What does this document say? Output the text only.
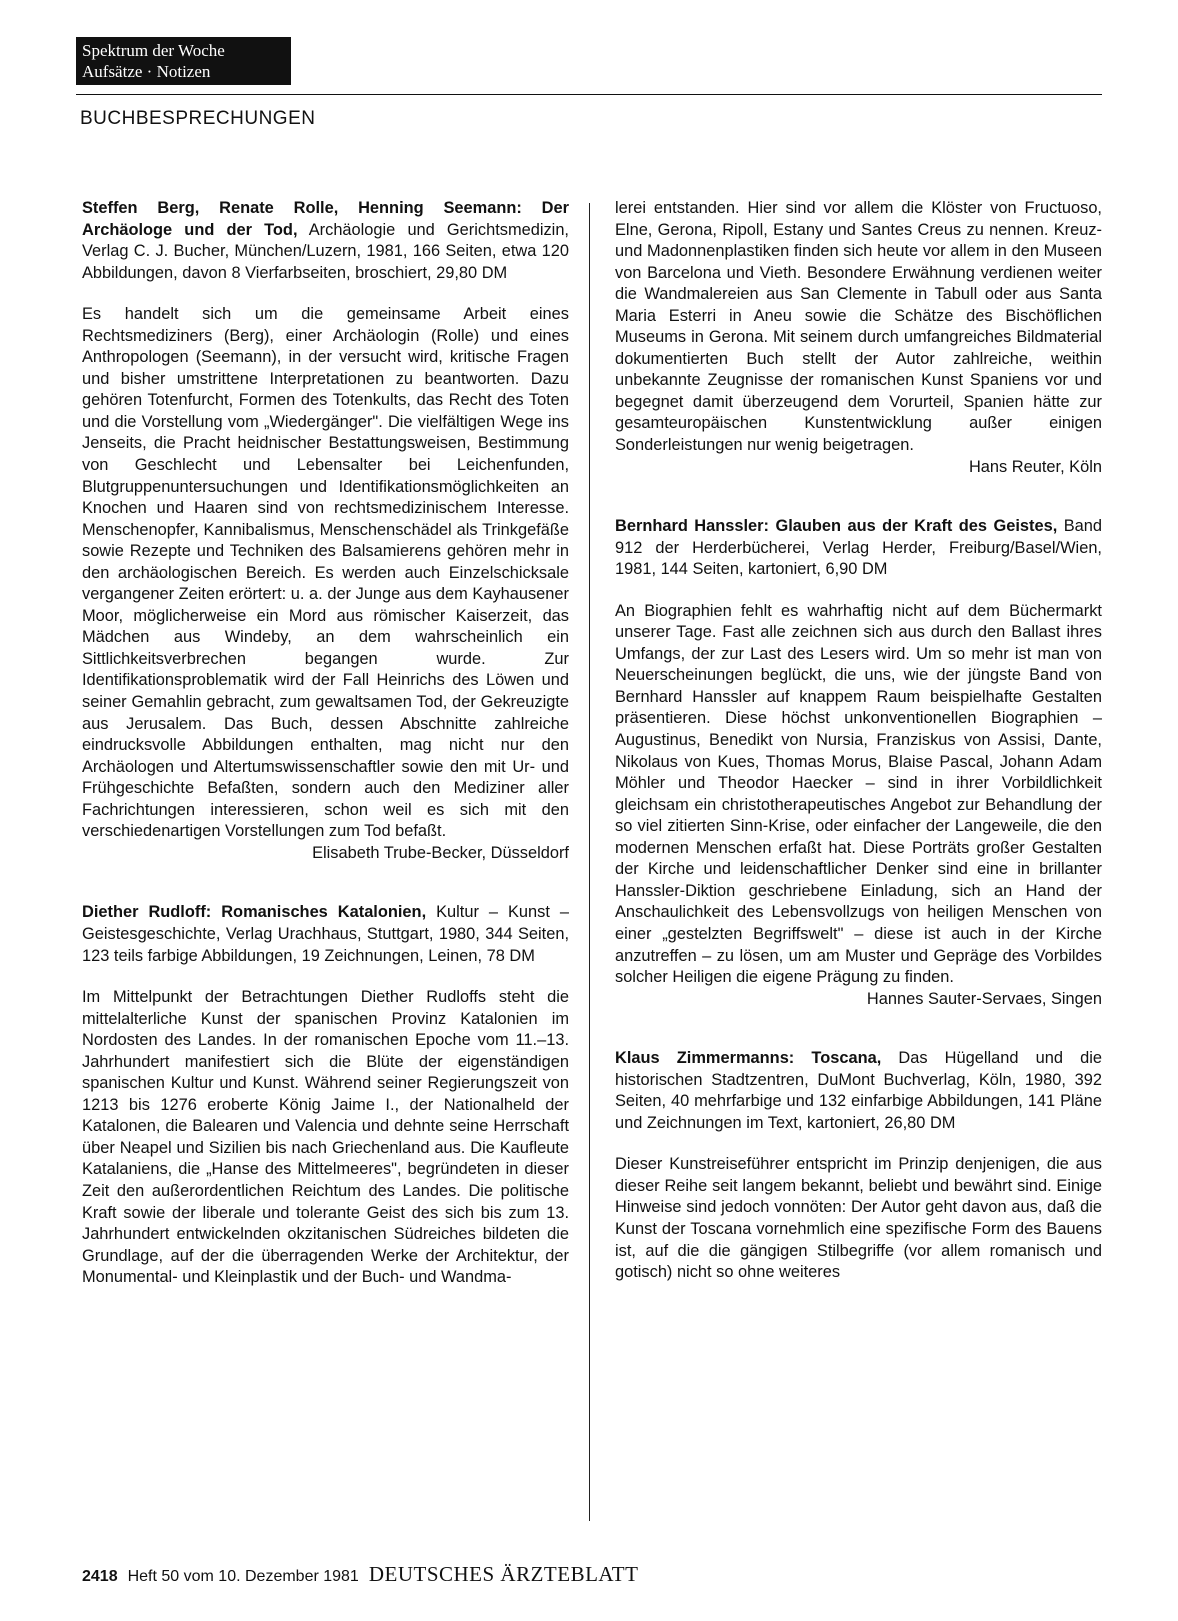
Spektrum der Woche
Aufsätze · Notizen
BUCHBESPRECHUNGEN

Steffen Berg, Renate Rolle, Henning Seemann: Der Archäologe und der Tod, Archäologie und Gerichtsmedizin, Verlag C. J. Bucher, München/Luzern, 1981, 166 Seiten, etwa 120 Abbildungen, davon 8 Vierfarbseiten, broschiert, 29,80 DM

Es handelt sich um die gemeinsame Arbeit eines Rechtsmediziners (Berg), einer Archäologin (Rolle) und eines Anthropologen (Seemann), in der versucht wird, kritische Fragen und bisher umstrittene Interpretationen zu beantworten. Dazu gehören Totenfurcht, Formen des Totenkults, das Recht des Toten und die Vorstellung vom „Wiedergänger". Die vielfältigen Wege ins Jenseits, die Pracht heidnischer Bestattungsweisen, Bestimmung von Geschlecht und Lebensalter bei Leichenfunden, Blutgruppenuntersuchungen und Identifikationsmöglichkeiten an Knochen und Haaren sind von rechtsmedizinischem Interesse. Menschenopfer, Kannibalismus, Menschenschädel als Trinkgefäße sowie Rezepte und Techniken des Balsamierens gehören mehr in den archäologischen Bereich. Es werden auch Einzelschicksale vergangener Zeiten erörtert: u. a. der Junge aus dem Kayhausener Moor, möglicherweise ein Mord aus römischer Kaiserzeit, das Mädchen aus Windeby, an dem wahrscheinlich ein Sittlichkeitsverbrechen begangen wurde. Zur Identifikationsproblematik wird der Fall Heinrichs des Löwen und seiner Gemahlin gebracht, zum gewaltsamen Tod, der Gekreuzigte aus Jerusalem. Das Buch, dessen Abschnitte zahlreiche eindrucksvolle Abbildungen enthalten, mag nicht nur den Archäologen und Altertumswissenschaftler sowie den mit Ur- und Frühgeschichte Befaßten, sondern auch den Mediziner aller Fachrichtungen interessieren, schon weil es sich mit den verschiedenartigen Vorstellungen zum Tod befaßt.

Elisabeth Trube-Becker, Düsseldorf

Diether Rudloff: Romanisches Katalonien, Kultur – Kunst – Geistesgeschichte, Verlag Urachhaus, Stuttgart, 1980, 344 Seiten, 123 teils farbige Abbildungen, 19 Zeichnungen, Leinen, 78 DM

Im Mittelpunkt der Betrachtungen Diether Rudloffs steht die mittelalterliche Kunst der spanischen Provinz Katalonien im Nordosten des Landes. In der romanischen Epoche vom 11.–13. Jahrhundert manifestiert sich die Blüte der eigenständigen spanischen Kultur und Kunst. Während seiner Regierungszeit von 1213 bis 1276 eroberte König Jaime I., der Nationalheld der Katalonen, die Balearen und Valencia und dehnte seine Herrschaft über Neapel und Sizilien bis nach Griechenland aus. Die Kaufleute Katalaniens, die „Hanse des Mittelmeeres", begründeten in dieser Zeit den außerordentlichen Reichtum des Landes. Die politische Kraft sowie der liberale und tolerante Geist des sich bis zum 13. Jahrhundert entwickelnden okzitanischen Südreiches bildeten die Grundlage, auf der die überragenden Werke der Architektur, der Monumental- und Kleinplastik und der Buch- und Wandma-

lerei entstanden. Hier sind vor allem die Klöster von Fructuoso, Elne, Gerona, Ripoll, Estany und Santes Creus zu nennen. Kreuz- und Madonnenplastiken finden sich heute vor allem in den Museen von Barcelona und Vieth. Besondere Erwähnung verdienen weiter die Wandmalereien aus San Clemente in Tabull oder aus Santa Maria Esterri in Aneu sowie die Schätze des Bischöflichen Museums in Gerona. Mit seinem durch umfangreiches Bildmaterial dokumentierten Buch stellt der Autor zahlreiche, weithin unbekannte Zeugnisse der romanischen Kunst Spaniens vor und begegnet damit überzeugend dem Vorurteil, Spanien hätte zur gesamteuropäischen Kunstentwicklung außer einigen Sonderleistungen nur wenig beigetragen.

Hans Reuter, Köln

Bernhard Hanssler: Glauben aus der Kraft des Geistes, Band 912 der Herderbücherei, Verlag Herder, Freiburg/Basel/Wien, 1981, 144 Seiten, kartoniert, 6,90 DM

An Biographien fehlt es wahrhaftig nicht auf dem Büchermarkt unserer Tage. Fast alle zeichnen sich aus durch den Ballast ihres Umfangs, der zur Last des Lesers wird. Um so mehr ist man von Neuerscheinungen beglückt, die uns, wie der jüngste Band von Bernhard Hanssler auf knappem Raum beispielhafte Gestalten präsentieren. Diese höchst unkonventionellen Biographien – Augustinus, Benedikt von Nursia, Franziskus von Assisi, Dante, Nikolaus von Kues, Thomas Morus, Blaise Pascal, Johann Adam Möhler und Theodor Haecker – sind in ihrer Vorbildlichkeit gleichsam ein christotherapeutisches Angebot zur Behandlung der so viel zitierten Sinn-Krise, oder einfacher der Langeweile, die den modernen Menschen erfaßt hat. Diese Porträts großer Gestalten der Kirche und leidenschaftlicher Denker sind eine in brillanter Hanssler-Diktion geschriebene Einladung, sich an Hand der Anschaulichkeit des Lebensvollzugs von heiligen Menschen von einer „gestelzten Begriffswelt" – diese ist auch in der Kirche anzutreffen – zu lösen, um am Muster und Gepräge des Vorbildes solcher Heiligen die eigene Prägung zu finden.

Hannes Sauter-Servaes, Singen

Klaus Zimmermanns: Toscana, Das Hügelland und die historischen Stadtzentren, DuMont Buchverlag, Köln, 1980, 392 Seiten, 40 mehrfarbige und 132 einfarbige Abbildungen, 141 Pläne und Zeichnungen im Text, kartoniert, 26,80 DM

Dieser Kunstreiseführer entspricht im Prinzip denjenigen, die aus dieser Reihe seit langem bekannt, beliebt und bewährt sind. Einige Hinweise sind jedoch vonnöten: Der Autor geht davon aus, daß die Kunst der Toscana vornehmlich eine spezifische Form des Bauens ist, auf die die gängigen Stilbegriffe (vor allem romanisch und gotisch) nicht so ohne weiteres

2418 Heft 50 vom 10. Dezember 1981 DEUTSCHES ÄRZTEBLATT
